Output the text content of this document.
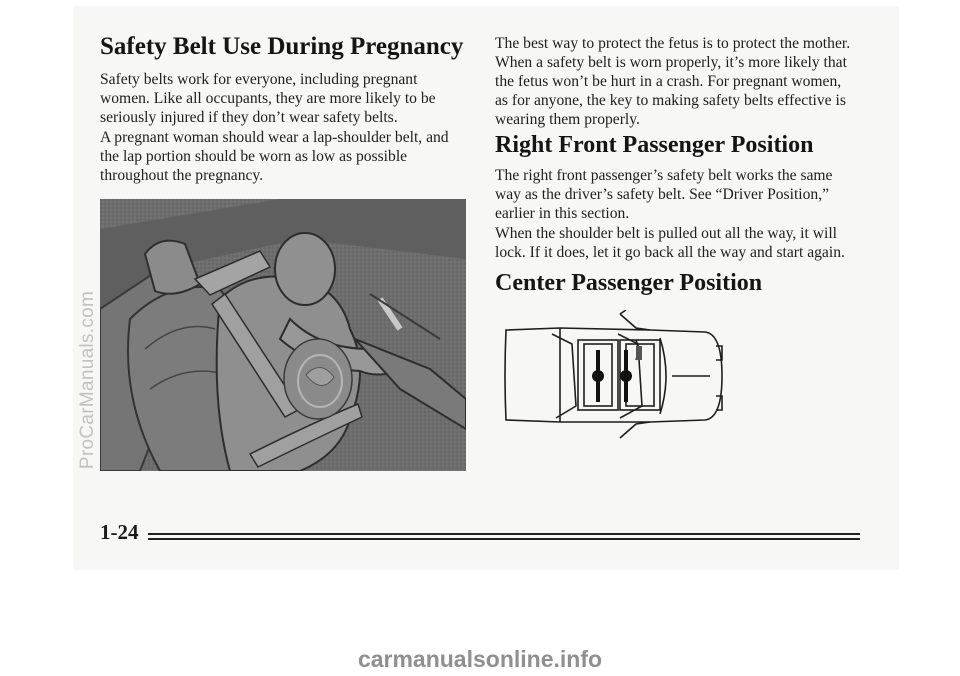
Safety Belt Use During Pregnancy

Safety belts work for everyone, including pregnant women. Like all occupants, they are more likely to be seriously injured if they don’t wear safety belts.

A pregnant woman should wear a lap-shoulder belt, and the lap portion should be worn as low as possible throughout the pregnancy.

ProCarManuals.com

The best way to protect the fetus is to protect the mother. When a safety belt is worn properly, it’s more likely that the fetus won’t be hurt in a crash. For pregnant women, as for anyone, the key to making safety belts effective is wearing them properly.

Right Front Passenger Position

The right front passenger’s safety belt works the same way as the driver’s safety belt. See “Driver Position,” earlier in this section.

When the shoulder belt is pulled out all the way, it will lock. If it does, let it go back all the way and start again.

Center Passenger Position
1-24
carmanualsonline.info
